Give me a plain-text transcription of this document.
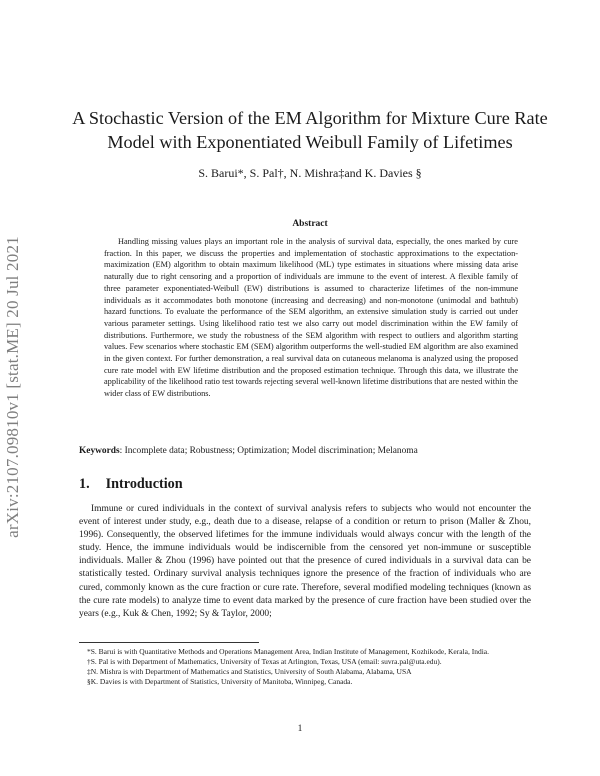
arXiv:2107.09810v1 [stat.ME] 20 Jul 2021
A Stochastic Version of the EM Algorithm for Mixture Cure Rate Model with Exponentiated Weibull Family of Lifetimes
S. Barui*, S. Pal†, N. Mishra‡and K. Davies §
Abstract
Handling missing values plays an important role in the analysis of survival data, especially, the ones marked by cure fraction. In this paper, we discuss the properties and implementation of stochastic approximations to the expectation-maximization (EM) algorithm to obtain maximum likelihood (ML) type estimates in situations where missing data arise naturally due to right censoring and a proportion of individuals are immune to the event of interest. A flexible family of three parameter exponentiated-Weibull (EW) distributions is assumed to characterize lifetimes of the non-immune individuals as it accommodates both monotone (increasing and decreasing) and non-monotone (unimodal and bathtub) hazard functions. To evaluate the performance of the SEM algorithm, an extensive simulation study is carried out under various parameter settings. Using likelihood ratio test we also carry out model discrimination within the EW family of distributions. Furthermore, we study the robustness of the SEM algorithm with respect to outliers and algorithm starting values. Few scenarios where stochastic EM (SEM) algorithm outperforms the well-studied EM algorithm are also examined in the given context. For further demonstration, a real survival data on cutaneous melanoma is analyzed using the proposed cure rate model with EW lifetime distribution and the proposed estimation technique. Through this data, we illustrate the applicability of the likelihood ratio test towards rejecting several well-known lifetime distributions that are nested within the wider class of EW distributions.
Keywords: Incomplete data; Robustness; Optimization; Model discrimination; Melanoma
1. Introduction
Immune or cured individuals in the context of survival analysis refers to subjects who would not encounter the event of interest under study, e.g., death due to a disease, relapse of a condition or return to prison (Maller & Zhou, 1996). Consequently, the observed lifetimes for the immune individuals would always concur with the length of the study. Hence, the immune individuals would be indiscernible from the censored yet non-immune or susceptible individuals. Maller & Zhou (1996) have pointed out that the presence of cured individuals in a survival data can be statistically tested. Ordinary survival analysis techniques ignore the presence of the fraction of individuals who are cured, commonly known as the cure fraction or cure rate. Therefore, several modified modeling techniques (known as the cure rate models) to analyze time to event data marked by the presence of cure fraction have been studied over the years (e.g., Kuk & Chen, 1992; Sy & Taylor, 2000;

*S. Barui is with Quantitative Methods and Operations Management Area, Indian Institute of Management, Kozhikode, Kerala, India.

†S. Pal is with Department of Mathematics, University of Texas at Arlington, Texas, USA (email: suvra.pal@uta.edu).

‡N. Mishra is with Department of Mathematics and Statistics, University of South Alabama, Alabama, USA

§K. Davies is with Department of Statistics, University of Manitoba, Winnipeg, Canada.

1
